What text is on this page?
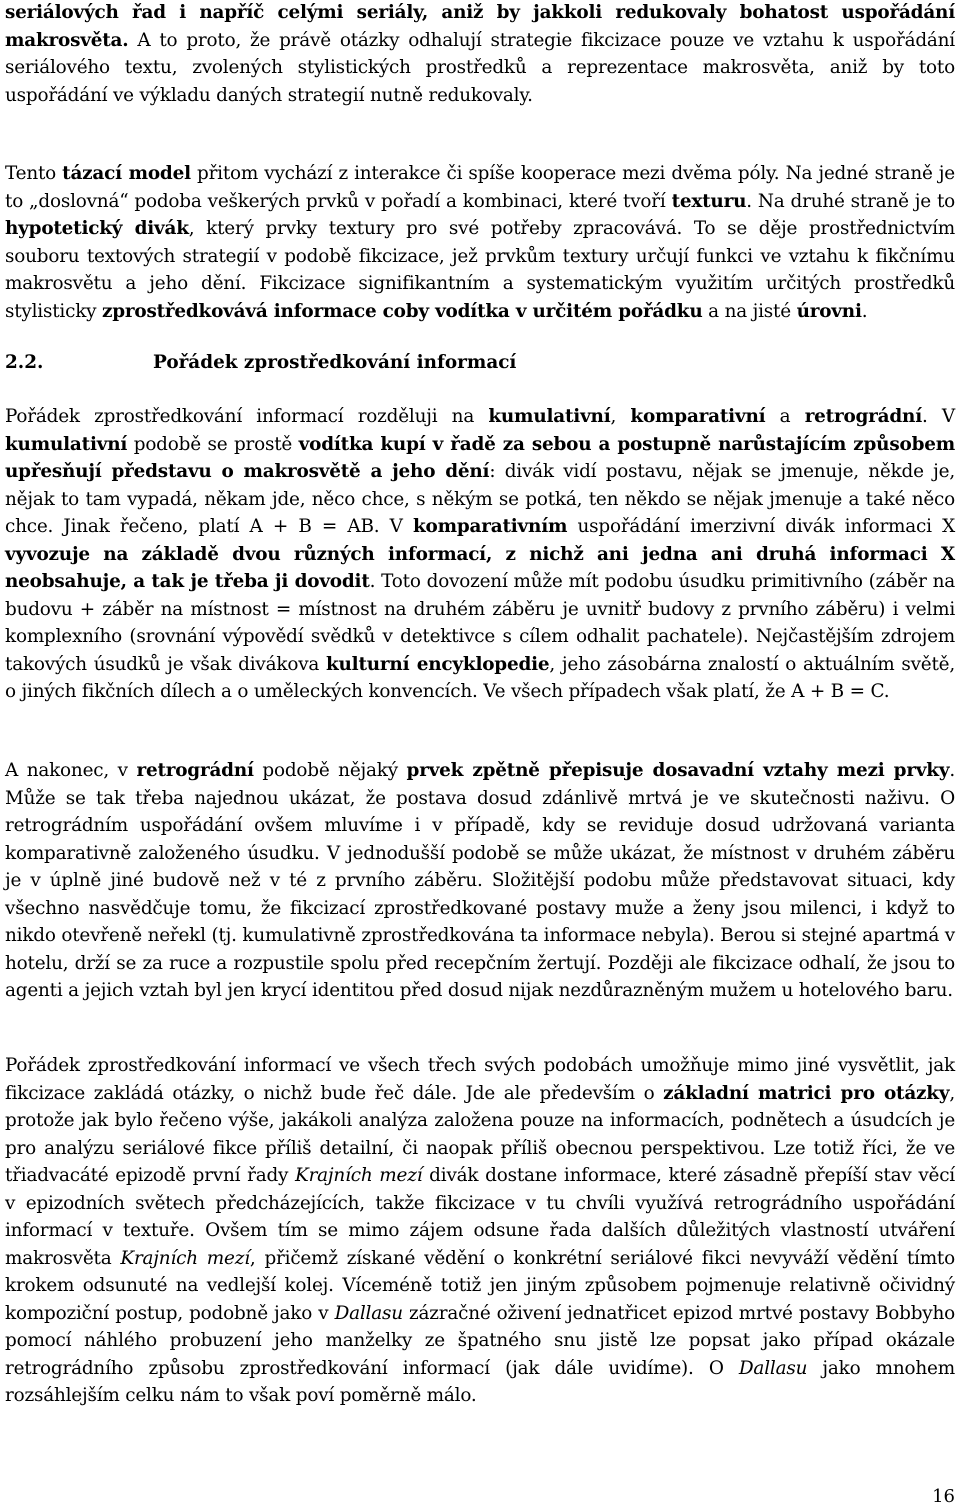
seriálových řad i napříč celými seriály, aniž by jakkoli redukovaly bohatost uspořádání makrosvěta. A to proto, že právě otázky odhalují strategie fikcizace pouze ve vztahu k uspořádání seriálového textu, zvolených stylistických prostředků a reprezentace makrosvěta, aniž by toto uspořádání ve výkladu daných strategií nutně redukovaly.

Tento tázací model přitom vychází z interakce či spíše kooperace mezi dvěma póly. Na jedné straně je to „doslovná“ podoba veškerých prvků v pořadí a kombinaci, které tvoří texturu. Na druhé straně je to hypotetický divák, který prvky textury pro své potřeby zpracovává. To se děje prostřednictvím souboru textových strategií v podobě fikcizace, jež prvkům textury určují funkci ve vztahu k fikčnímu makrosvětu a jeho dění. Fikcizace signifikantním a systematickým využitím určitých prostředků stylisticky zprostředkovává informace coby vodítka v určitém pořádku a na jisté úrovni.

2.2.	Pořádek zprostředkování informací

Pořádek zprostředkování informací rozděluji na kumulativní, komparativní a retrográdní. V kumulativní podobě se prostě vodítka kupí v řadě za sebou a postupně narůstajícím způsobem upřesňují představu o makrosvětě a jeho dění: divák vidí postavu, nějak se jmenuje, někde je, nějak to tam vypadá, někam jde, něco chce, s někým se potká, ten někdo se nějak jmenuje a také něco chce. Jinak řečeno, platí A + B = AB. V komparativním uspořádání imerzivní divák informaci X vyvozuje na základě dvou různých informací, z nichž ani jedna ani druhá informaci X neobsahuje, a tak je třeba ji dovodit. Toto dovození může mít podobu úsudku primitivního (záběr na budovu + záběr na místnost = místnost na druhém záběru je uvnitř budovy z prvního záběru) i velmi komplexního (srovnání výpovědí svědků v detektivce s cílem odhalit pachatele). Nejčastějším zdrojem takových úsudků je však divákova kulturní encyklopedie, jeho zásobárna znalostí o aktuálním světě, o jiných fikčních dílech a o uměleckých konvencích. Ve všech případech však platí, že A + B = C.

A nakonec, v retrográdní podobě nějaký prvek zpětně přepisuje dosavadní vztahy mezi prvky. Může se tak třeba najednou ukázat, že postava dosud zdánlivě mrtvá je ve skutečnosti naživu. O retrográdním uspořádání ovšem mluvíme i v případě, kdy se reviduje dosud udržovaná varianta komparativně založeného úsudku. V jednodušší podobě se může ukázat, že místnost v druhém záběru je v úplně jiné budově než v té z prvního záběru. Složitější podobu může představovat situaci, kdy všechno nasvědčuje tomu, že fikcizací zprostředkované postavy muže a ženy jsou milenci, i když to nikdo otevřeně neřekl (tj. kumulativně zprostředkována ta informace nebyla). Berou si stejné apartmá v hotelu, drží se za ruce a rozpustile spolu před recepčním žertují. Později ale fikcizace odhalí, že jsou to agenti a jejich vztah byl jen krycí identitou před dosud nijak nezdůrazněným mužem u hotelového baru.

Pořádek zprostředkování informací ve všech třech svých podobách umožňuje mimo jiné vysvětlit, jak fikcizace zakládá otázky, o nichž bude řeč dále. Jde ale především o základní matrici pro otázky, protože jak bylo řečeno výše, jakákoli analýza založena pouze na informacích, podnětech a úsudcích je pro analýzu seriálové fikce příliš detailní, či naopak příliš obecnou perspektivou. Lze totiž říci, že ve třiadvacáté epizodě první řady Krajních mezí divák dostane informace, které zásadně přepíší stav věcí v epizodních světech předcházejících, takže fikcizace v tu chvíli využívá retrográdního uspořádání informací v textuře. Ovšem tím se mimo zájem odsune řada dalších důležitých vlastností utváření makrosvěta Krajních mezí, přičemž získané vědění o konkrétní seriálové fikci nevyváží vědění tímto krokem odsunuté na vedlejší kolej. Víceméně totiž jen jiným způsobem pojmenuje relativně očividný kompoziční postup, podobně jako v Dallasu zázračné oživení jednatřicet epizod mrtvé postavy Bobbyho pomocí náhlého probuzení jeho manželky ze špatného snu jistě lze popsat jako případ okázale retrográdního způsobu zprostředkování informací (jak dále uvidíme). O Dallasu jako mnohem rozsáhlejším celku nám to však poví poměrně málo.

16
